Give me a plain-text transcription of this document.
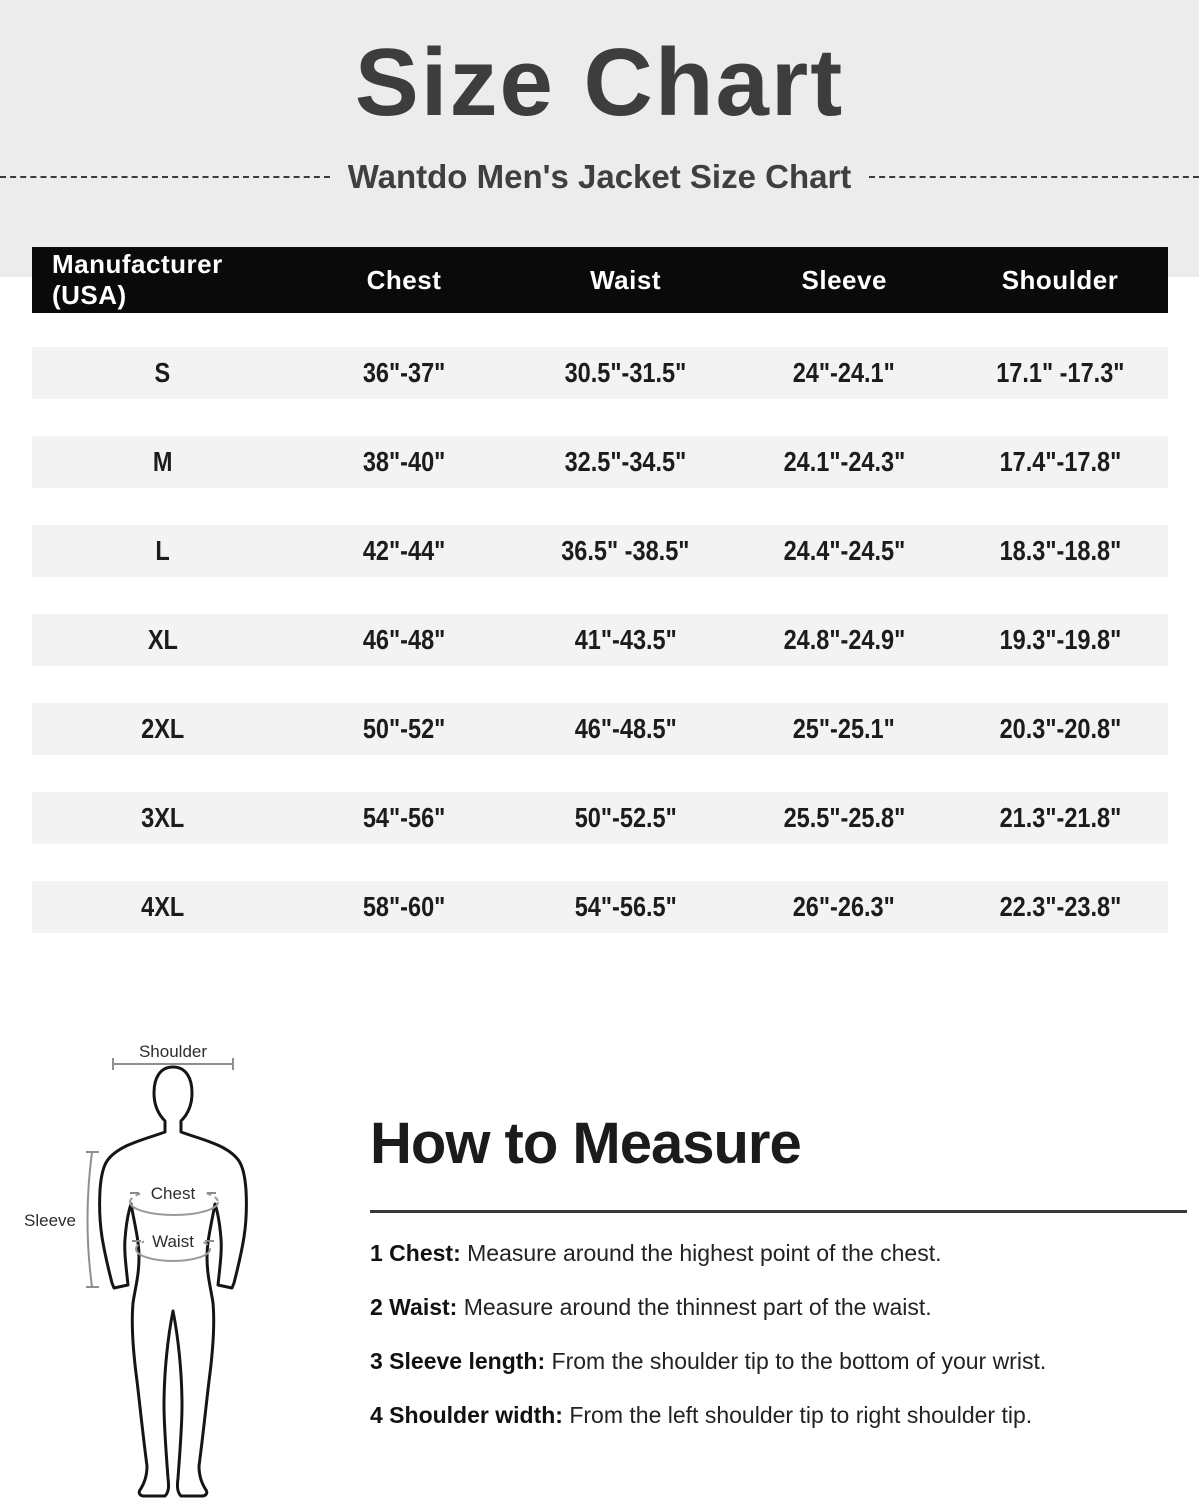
Size Chart
Wantdo Men's Jacket Size Chart
Manufacturer (USA)
Chest	Waist	Sleeve	Shoulder
S	36"-37"	30.5"-31.5"	24"-24.1"	17.1" -17.3"
M	38"-40"	32.5"-34.5"	24.1"-24.3"	17.4"-17.8"
L	42"-44"	36.5" -38.5"	24.4"-24.5"	18.3"-18.8"
XL	46"-48"	41"-43.5"	24.8"-24.9"	19.3"-19.8"
2XL	50"-52"	46"-48.5"	25"-25.1"	20.3"-20.8"
3XL	54"-56"	50"-52.5"	25.5"-25.8"	21.3"-21.8"
4XL	58"-60"	54"-56.5"	26"-26.3"	22.3"-23.8"
Shoulder
Sleeve
Chest
Waist
How to Measure
1 Chest: Measure around the highest point of the chest.
2 Waist: Measure around the thinnest part of the waist.
3 Sleeve length: From the shoulder tip to the bottom of your wrist.
4 Shoulder width: From the left shoulder tip to right shoulder tip.
